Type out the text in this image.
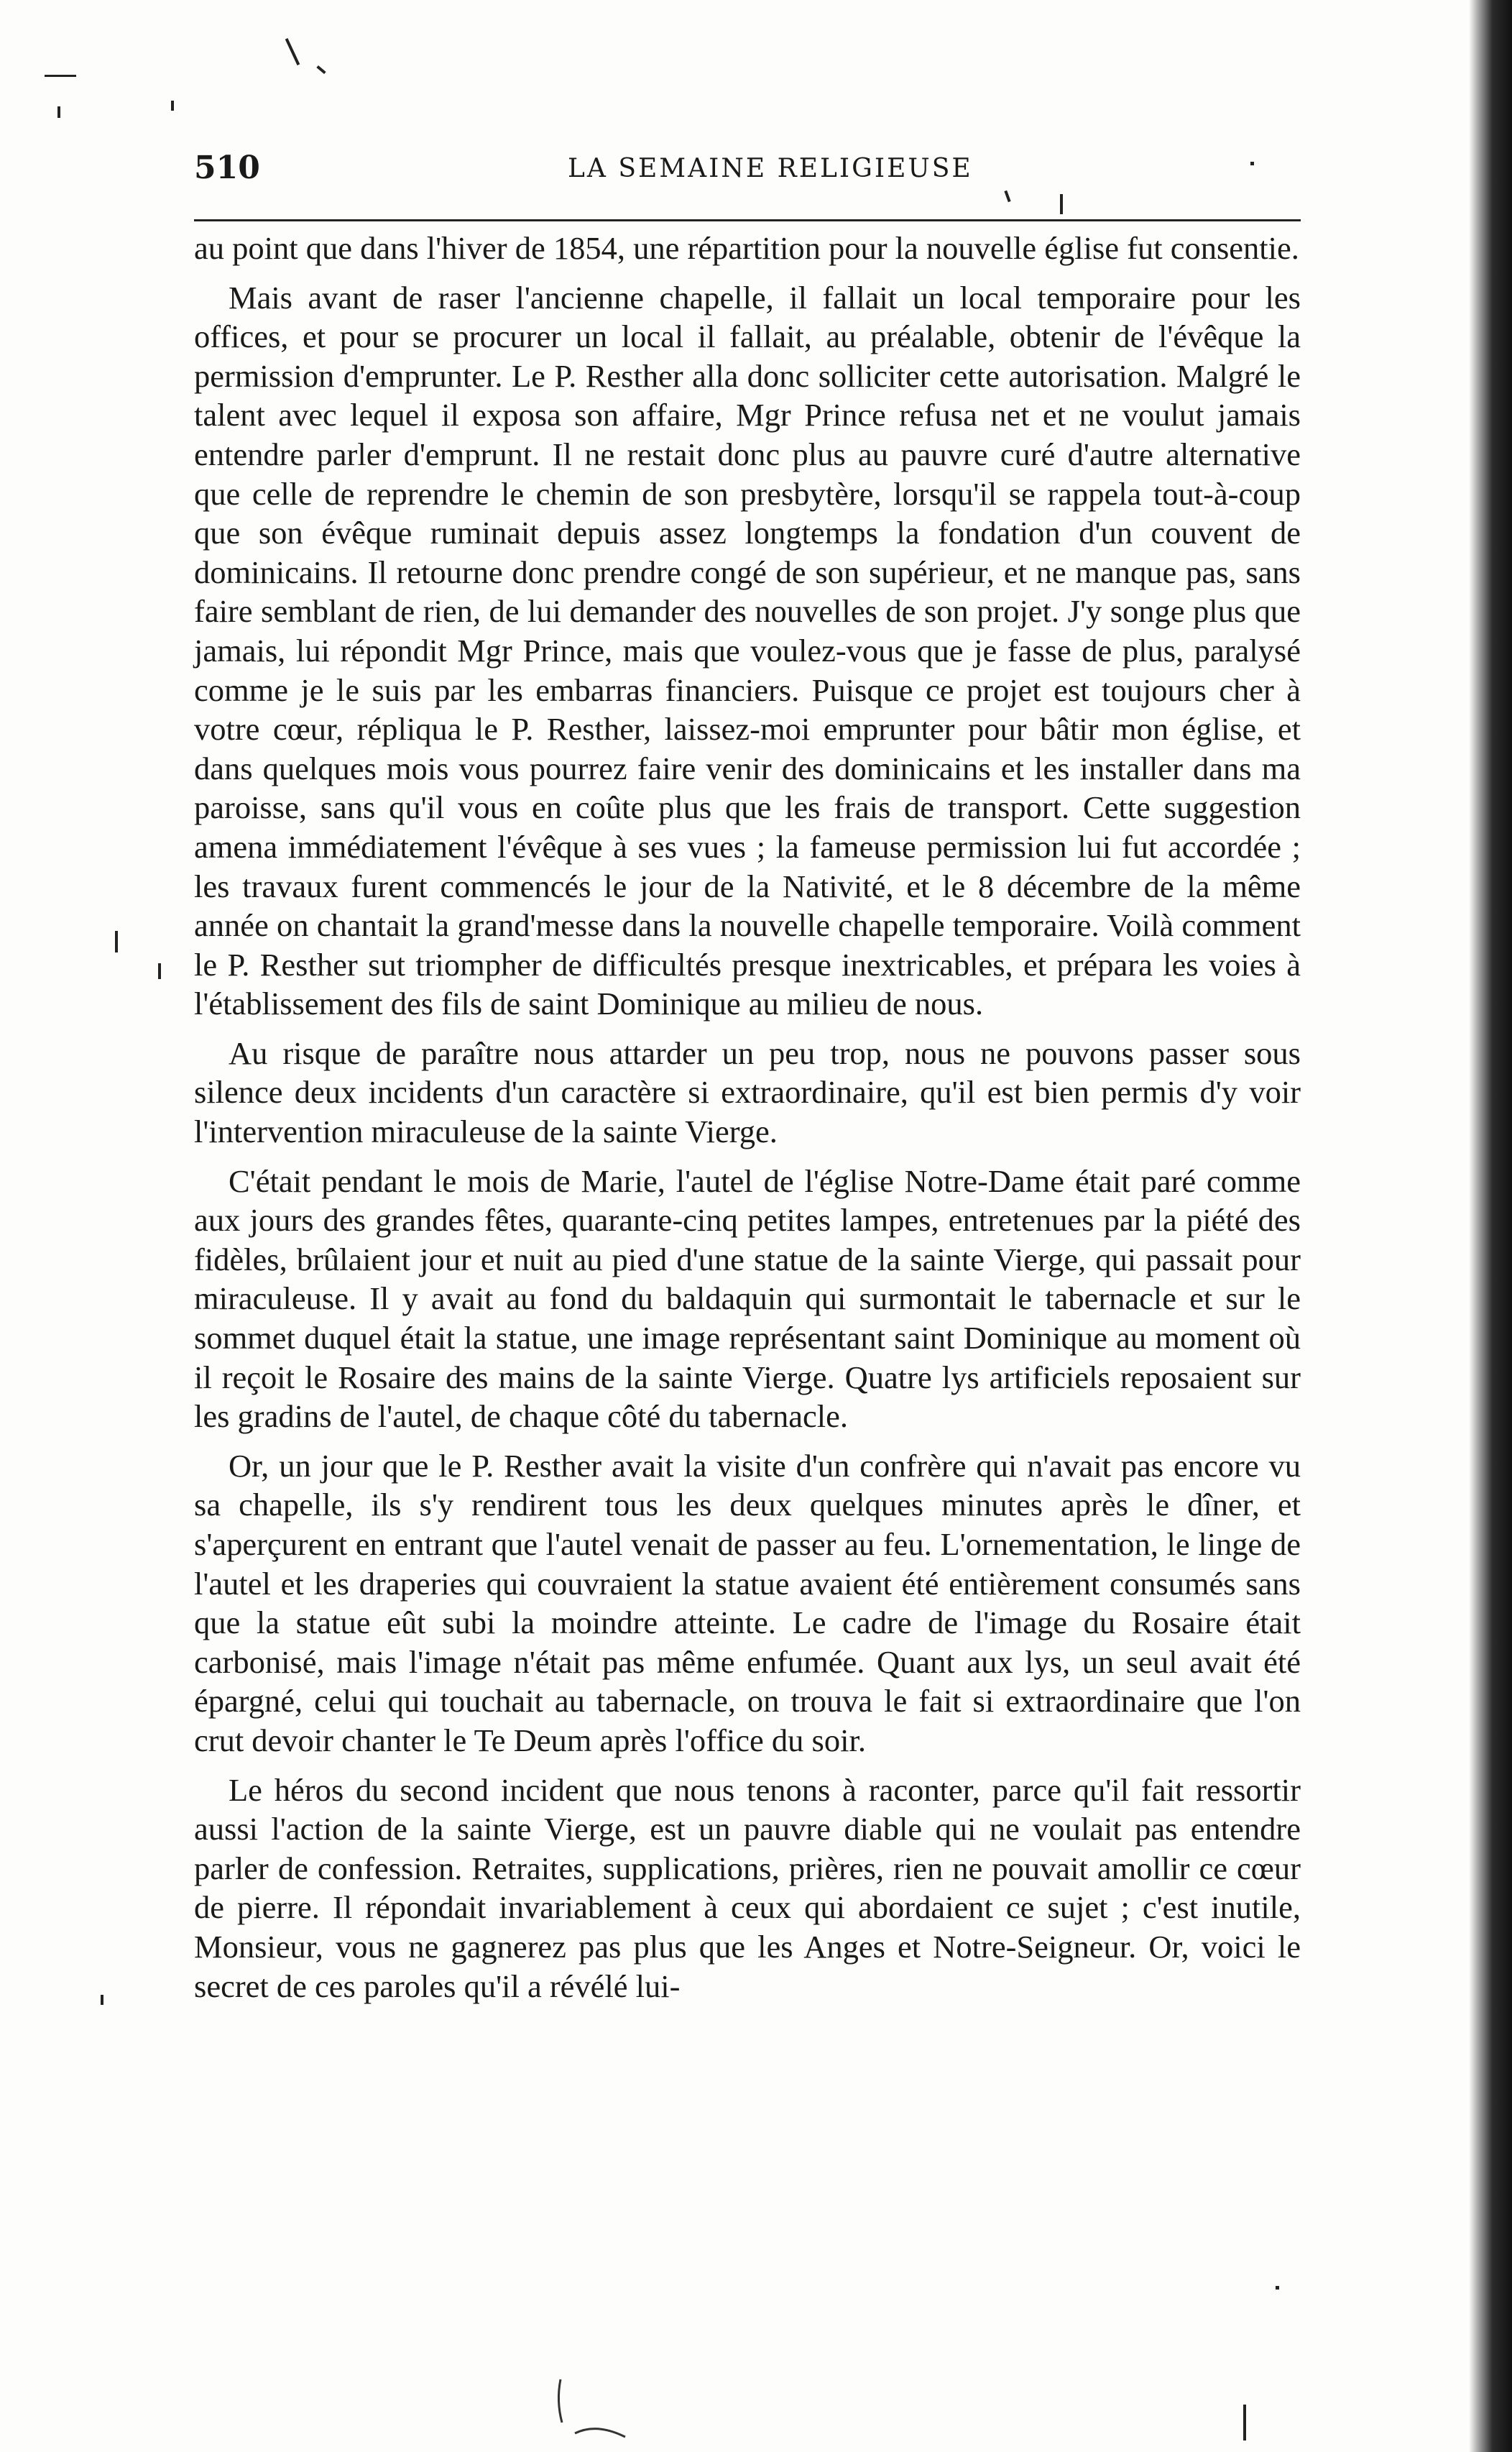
510	LA SEMAINE RELIGIEUSE

au point que dans l'hiver de 1854, une répartition pour la nouvelle église fut consentie.

Mais avant de raser l'ancienne chapelle, il fallait un local temporaire pour les offices, et pour se procurer un local il fallait, au préalable, obtenir de l'évêque la permission d'emprunter. Le P. Resther alla donc solliciter cette autorisation. Malgré le talent avec lequel il exposa son affaire, Mgr Prince refusa net et ne voulut jamais entendre parler d'emprunt. Il ne restait donc plus au pauvre curé d'autre alternative que celle de reprendre le chemin de son presbytère, lorsqu'il se rappela tout-à-coup que son évêque ruminait depuis assez longtemps la fondation d'un couvent de dominicains. Il retourne donc prendre congé de son supérieur, et ne manque pas, sans faire semblant de rien, de lui demander des nouvelles de son projet. J'y songe plus que jamais, lui répondit Mgr Prince, mais que voulez-vous que je fasse de plus, paralysé comme je le suis par les embarras financiers. Puisque ce projet est toujours cher à votre cœur, répliqua le P. Resther, laissez-moi emprunter pour bâtir mon église, et dans quelques mois vous pourrez faire venir des dominicains et les installer dans ma paroisse, sans qu'il vous en coûte plus que les frais de transport. Cette suggestion amena immédiatement l'évêque à ses vues ; la fameuse permission lui fut accordée ; les travaux furent commencés le jour de la Nativité, et le 8 décembre de la même année on chantait la grand'messe dans la nouvelle chapelle temporaire. Voilà comment le P. Resther sut triompher de difficultés presque inextricables, et prépara les voies à l'établissement des fils de saint Dominique au milieu de nous.

Au risque de paraître nous attarder un peu trop, nous ne pouvons passer sous silence deux incidents d'un caractère si extraordinaire, qu'il est bien permis d'y voir l'intervention miraculeuse de la sainte Vierge.

C'était pendant le mois de Marie, l'autel de l'église Notre-Dame était paré comme aux jours des grandes fêtes, quarante-cinq petites lampes, entretenues par la piété des fidèles, brûlaient jour et nuit au pied d'une statue de la sainte Vierge, qui passait pour miraculeuse. Il y avait au fond du baldaquin qui surmontait le tabernacle et sur le sommet duquel était la statue, une image représentant saint Dominique au moment où il reçoit le Rosaire des mains de la sainte Vierge. Quatre lys artificiels reposaient sur les gradins de l'autel, de chaque côté du tabernacle.

Or, un jour que le P. Resther avait la visite d'un confrère qui n'avait pas encore vu sa chapelle, ils s'y rendirent tous les deux quelques minutes après le dîner, et s'aperçurent en entrant que l'autel venait de passer au feu. L'ornementation, le linge de l'autel et les draperies qui couvraient la statue avaient été entièrement consumés sans que la statue eût subi la moindre atteinte. Le cadre de l'image du Rosaire était carbonisé, mais l'image n'était pas même enfumée. Quant aux lys, un seul avait été épargné, celui qui touchait au tabernacle, on trouva le fait si extraordinaire que l'on crut devoir chanter le Te Deum après l'office du soir.

Le héros du second incident que nous tenons à raconter, parce qu'il fait ressortir aussi l'action de la sainte Vierge, est un pauvre diable qui ne voulait pas entendre parler de confession. Retraites, supplications, prières, rien ne pouvait amollir ce cœur de pierre. Il répondait invariablement à ceux qui abordaient ce sujet ; c'est inutile, Monsieur, vous ne gagnerez pas plus que les Anges et Notre-Seigneur. Or, voici le secret de ces paroles qu'il a révélé lui-
